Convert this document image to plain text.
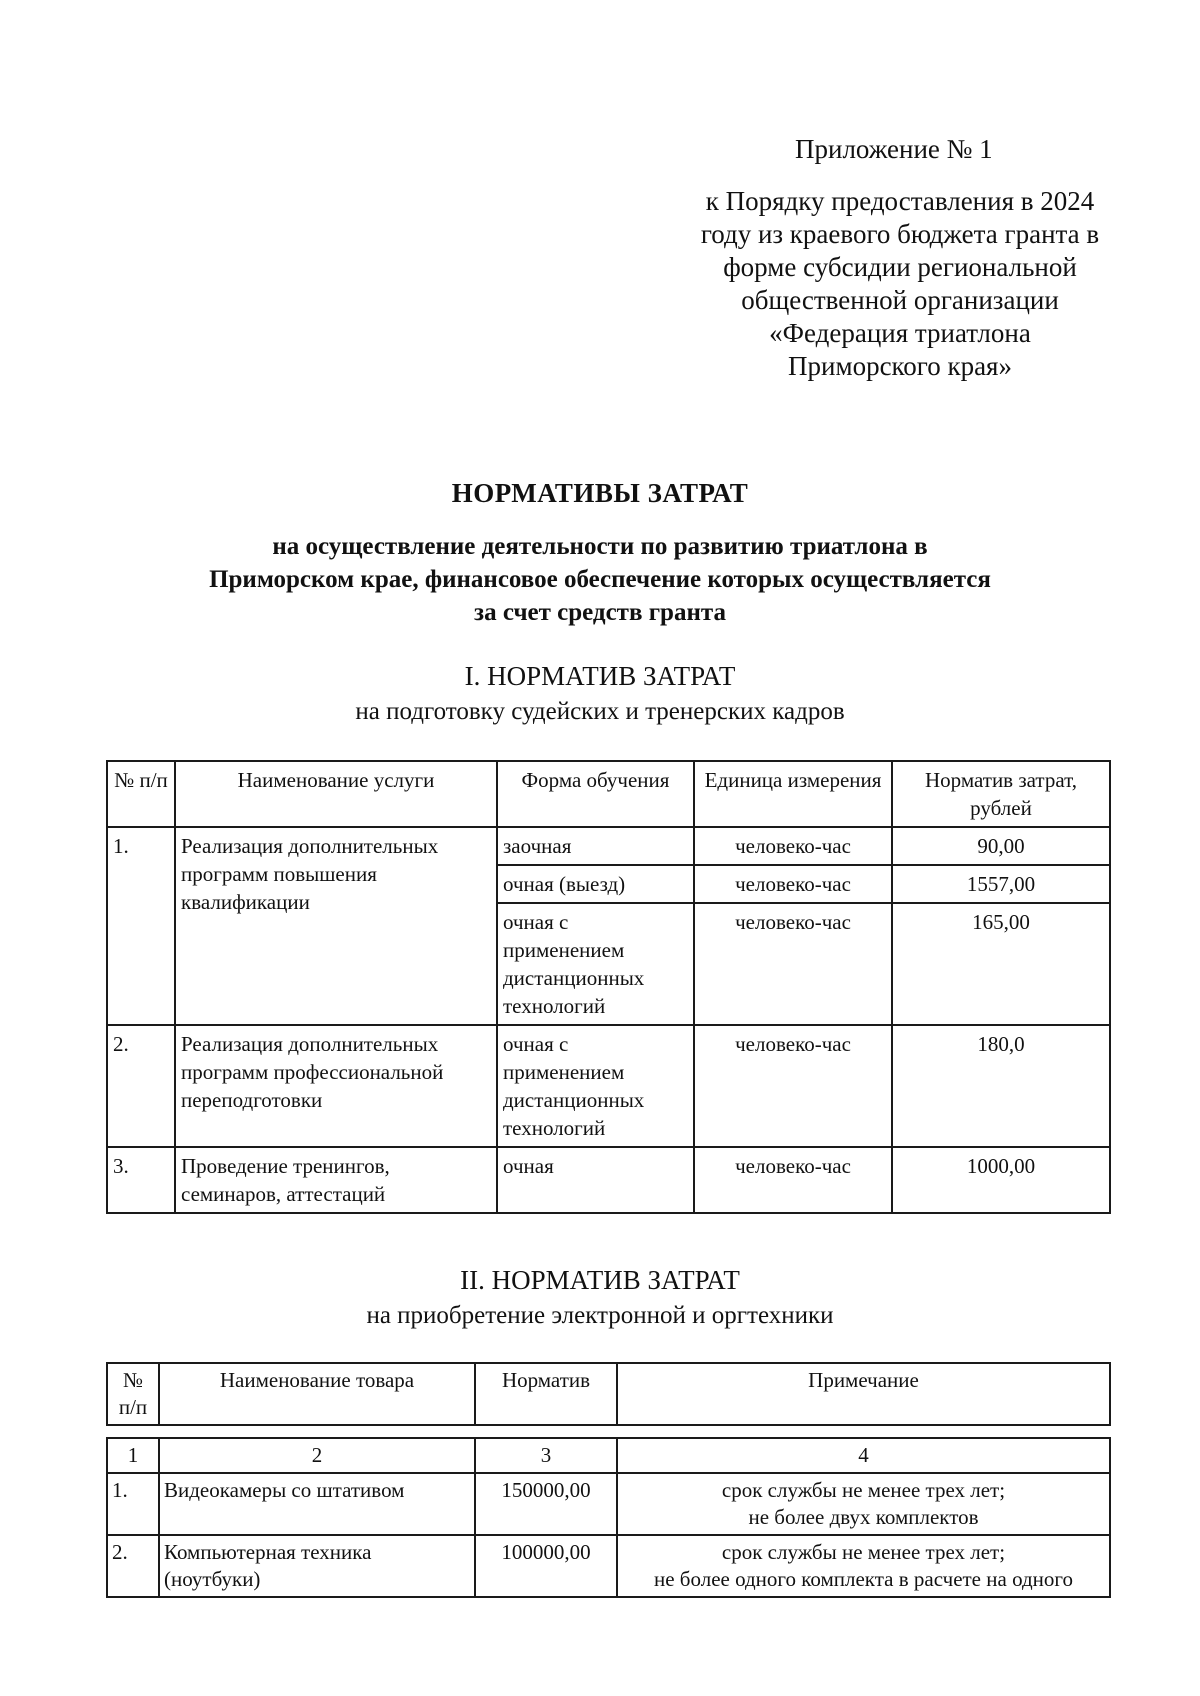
Приложение № 1
к Порядку предоставления в 2024 году из краевого бюджета гранта в форме субсидии региональной общественной организации «Федерация триатлона Приморского края»
НОРМАТИВЫ ЗАТРАТ
на осуществление деятельности по развитию триатлона в Приморском крае, финансовое обеспечение которых осуществляется за счет средств гранта
I. НОРМАТИВ ЗАТРАТ
на подготовку судейских и тренерских кадров
№ п/п	Наименование услуги	Форма обучения	Единица измерения	Норматив затрат, рублей
1.	Реализация дополнительных программ повышения квалификации	заочная	человеко-час	90,00
		очная (выезд)	человеко-час	1557,00
		очная с применением дистанционных технологий	человеко-час	165,00
2.	Реализация дополнительных программ профессиональной переподготовки	очная с применением дистанционных технологий	человеко-час	180,0
3.	Проведение тренингов, семинаров, аттестаций	очная	человеко-час	1000,00
II. НОРМАТИВ ЗАТРАТ
на приобретение электронной и оргтехники
№ п/п	Наименование товара	Норматив	Примечание

1	2	3	4
1.	Видеокамеры со штативом	150000,00	срок службы не менее трех лет;
не более двух комплектов

2.	Компьютерная техника (ноутбуки)	100000,00	срок службы не менее трех лет;
не более одного комплекта в расчете на одного
